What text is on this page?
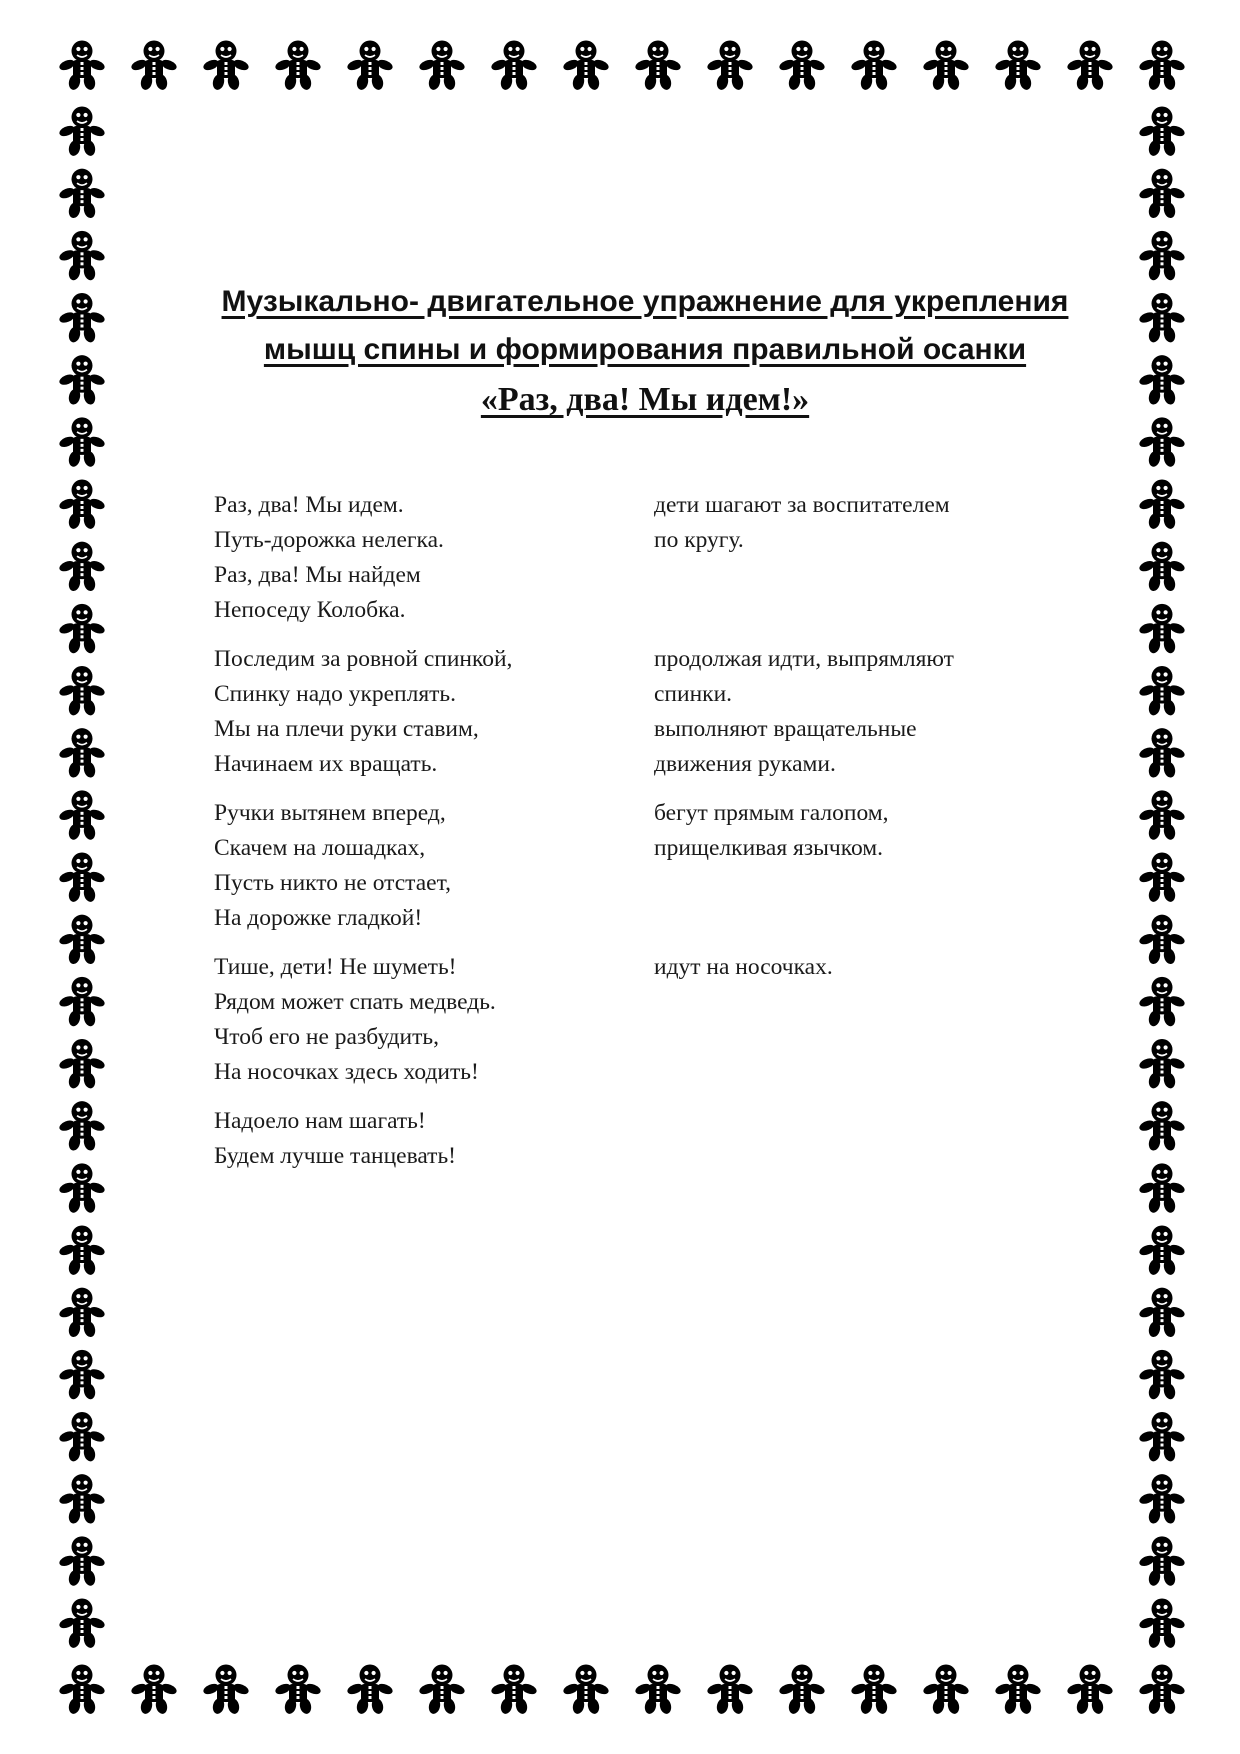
Музыкально- двигательное упражнение для укрепления
мышц спины и формирования правильной осанки
«Раз, два! Мы идем!»
Раз, два! Мы идем.
Путь-дорожка нелегка.
Раз, два! Мы найдем
Непоседу Колобка.
дети шагают за воспитателем
по кругу.
Последим за ровной спинкой,
Спинку надо укреплять.
Мы на плечи руки ставим,
Начинаем их вращать.
продолжая идти, выпрямляют
спинки.
выполняют вращательные
движения руками.
Ручки вытянем вперед,
Скачем на лошадках,
Пусть никто не отстает,
На дорожке гладкой!
бегут прямым галопом,
прищелкивая язычком.
Тише, дети! Не шуметь!
Рядом может спать медведь.
Чтоб его не разбудить,
На носочках здесь ходить!
идут на носочках.
Надоело нам шагать!
Будем лучше танцевать!
